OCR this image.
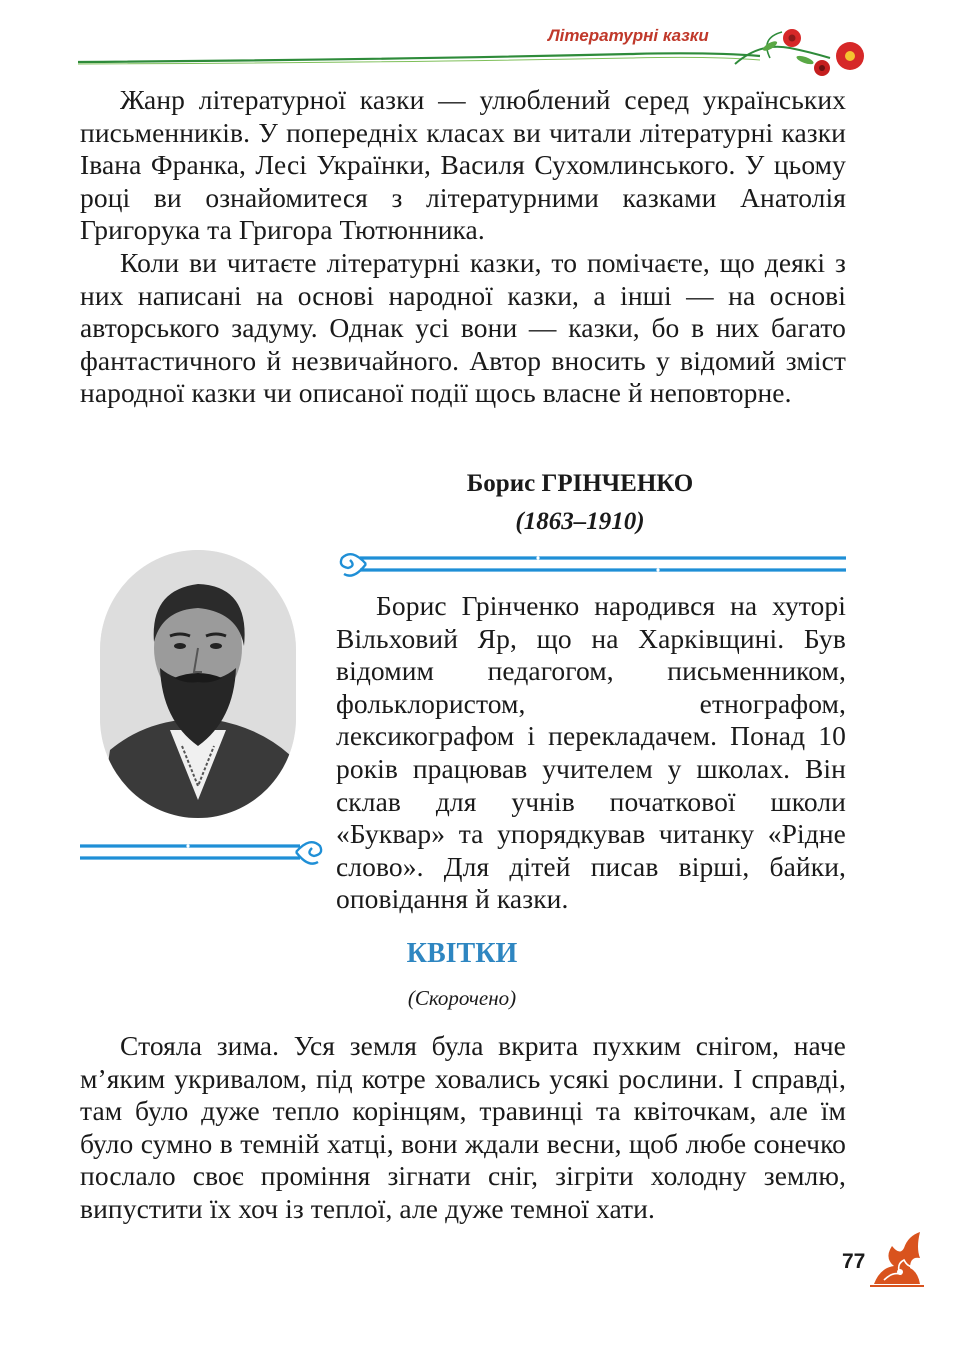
Літературні казки

Жанр літературної казки — улюблений серед українських письменників. У попередніх класах ви читали літературні казки Івана Франка, Лесі Українки, Василя Сухомлинського. У цьому році ви ознайомитеся з літературними казками Анатолія Григорука та Григора Тютюнника.

Коли ви читаєте літературні казки, то помічаєте, що деякі з них написані на основі народної казки, а інші — на основі авторського задуму. Однак усі вони — казки, бо в них багато фантастичного й незвичайного. Автор вносить у відомий зміст народної казки чи описаної події щось власне й неповторне.

Борис ГРІНЧЕНКО
(1863–1910)

Борис Грінченко народився на хуторі Вільховий Яр, що на Харківщині. Був відомим педагогом, письменником, фольклористом, етнографом, лексикографом і перекладачем. Понад 10 років працював учителем у школах. Він склав для учнів початкової школи «Буквар» та упорядкував читанку «Рідне слово». Для дітей писав вірші, байки, оповідання й казки.

КВІТКИ
(Скорочено)

Стояла зима. Уся земля була вкрита пухким снігом, наче м’яким укривалом, під котре ховались усякі рослини. І справді, там було дуже тепло корінцям, травинці та квіточкам, але їм було сумно в темній хатці, вони ждали весни, щоб любе сонечко послало своє проміння зігнати сніг, зігріти холодну землю, випустити їх хоч із теплої, але дуже темної хати.

77
